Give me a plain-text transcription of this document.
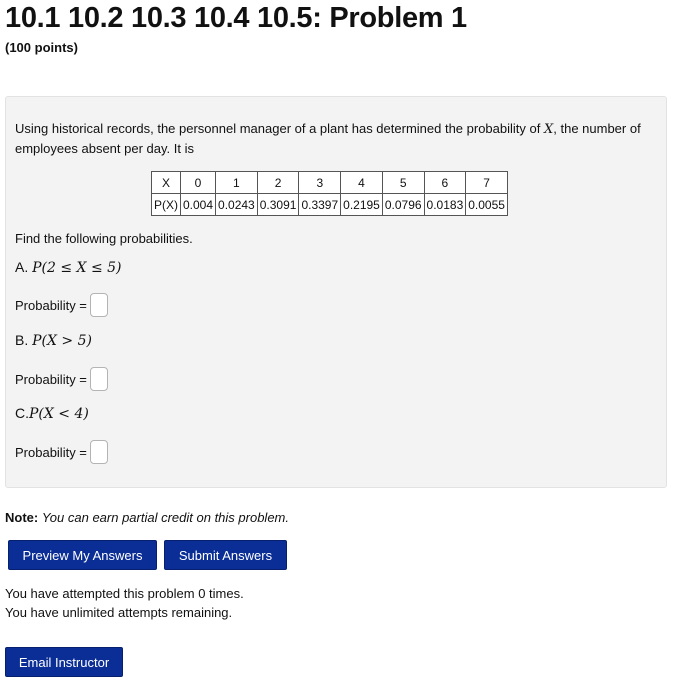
10.1 10.2 10.3 10.4 10.5: Problem 1
(100 points)
Using historical records, the personnel manager of a plant has determined the probability of X, the number of employees absent per day. It is
X	0	1	2	3	4	5	6	7
P(X)	0.004	0.0243	0.3091	0.3397	0.2195	0.0796	0.0183	0.0055
Find the following probabilities.
A. P(2 ≤ X ≤ 5)
Probability =
B. P(X > 5)
Probability =
C.P(X < 4)
Probability =
Note: You can earn partial credit on this problem.
Preview My Answers	Submit Answers
You have attempted this problem 0 times.
You have unlimited attempts remaining.
Email Instructor
